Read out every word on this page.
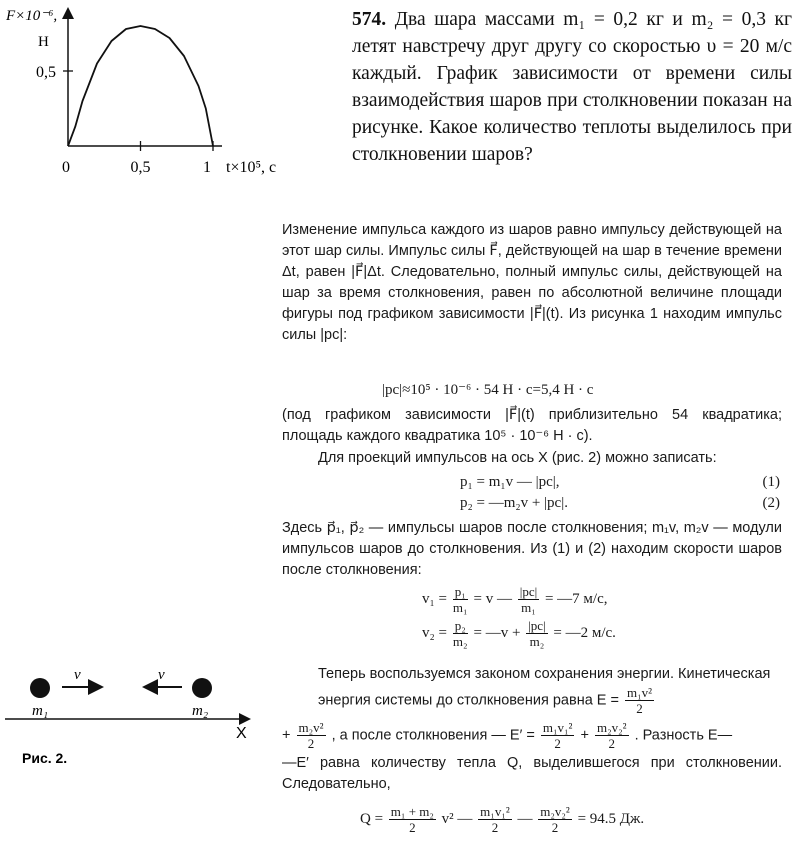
0	0,5	1
0,5
F×10⁻⁶,
Н
t×10⁵, с
574. Два шара массами m₁ = 0,2 кг и m₂ = 0,3 кг летят навстречу друг другу со скоростью υ = 20 м/с каждый. График зависимости от времени силы взаимодействия шаров при столкновении показан на рисунке. Какое количество теплоты выделилось при столкновении шаров?
Изменение импульса каждого из шаров равно импульсу действующей на этот шар силы. Импульс силы F⃗, действующей на шар в течение времени Δt, равен |F⃗|Δt. Следовательно, полный импульс силы, действующей на шар за время столкновения, равен по абсолютной величине площади фигуры под графиком зависимости |F⃗|(t). Из рисунка 1 находим импульс силы |pc|:
|pc|≈10⁵ · 10⁻⁶ · 54 Н · с=5,4 Н · с
(под графиком зависимости |F⃗|(t) приблизительно 54 квадратика; площадь каждого квадратика 10⁵ · 10⁻⁶ Н · с).
Для проекций импульсов на ось X (рис. 2) можно записать:
p₁ = m₁v — |pc|,	(1)
p₂ = —m₂v + |pc|.	(2)
Здесь p⃗₁, p⃗₂ — импульсы шаров после столкновения; m₁v, m₂v — модули импульсов шаров до столкновения. Из (1) и (2) находим скорости шаров после столкновения:
$v_1 = \frac{\text{p₁}}{\text{m₁}} = v$ — $\frac{|pc|}{\text{m₁}}$ = —7 м/с,
$v_2 = \frac{\text{p₂}}{\text{m₂}}$ = —v + $\frac{|pc|}{\text{m₂}}$ = —2 м/с.
Теперь воспользуемся законом сохранения энергии. Кинетическая энергия системы до столкновения равна $E = \frac{\text{m₁v²}}{2}$
+ $\frac{\text{m₂v²}}{2}$ , а после столкновения — $E' = \frac{\text{m₁v₁²}}{2} + \frac{\text{m₂v₂²}}{2}$ . Разность E—
—E′ равна количеству тепла Q, выделившегося при столкновении. Следовательно,
$Q = \frac{\text{m₁ + m₂}}{2} v^2$ — $\frac{\text{m₁v₁²}}{2}$ — $\frac{\text{m₂v₂²}}{2} = 94.5$ Дж.
v	v
m₁	m₂
X
Рис. 2.
